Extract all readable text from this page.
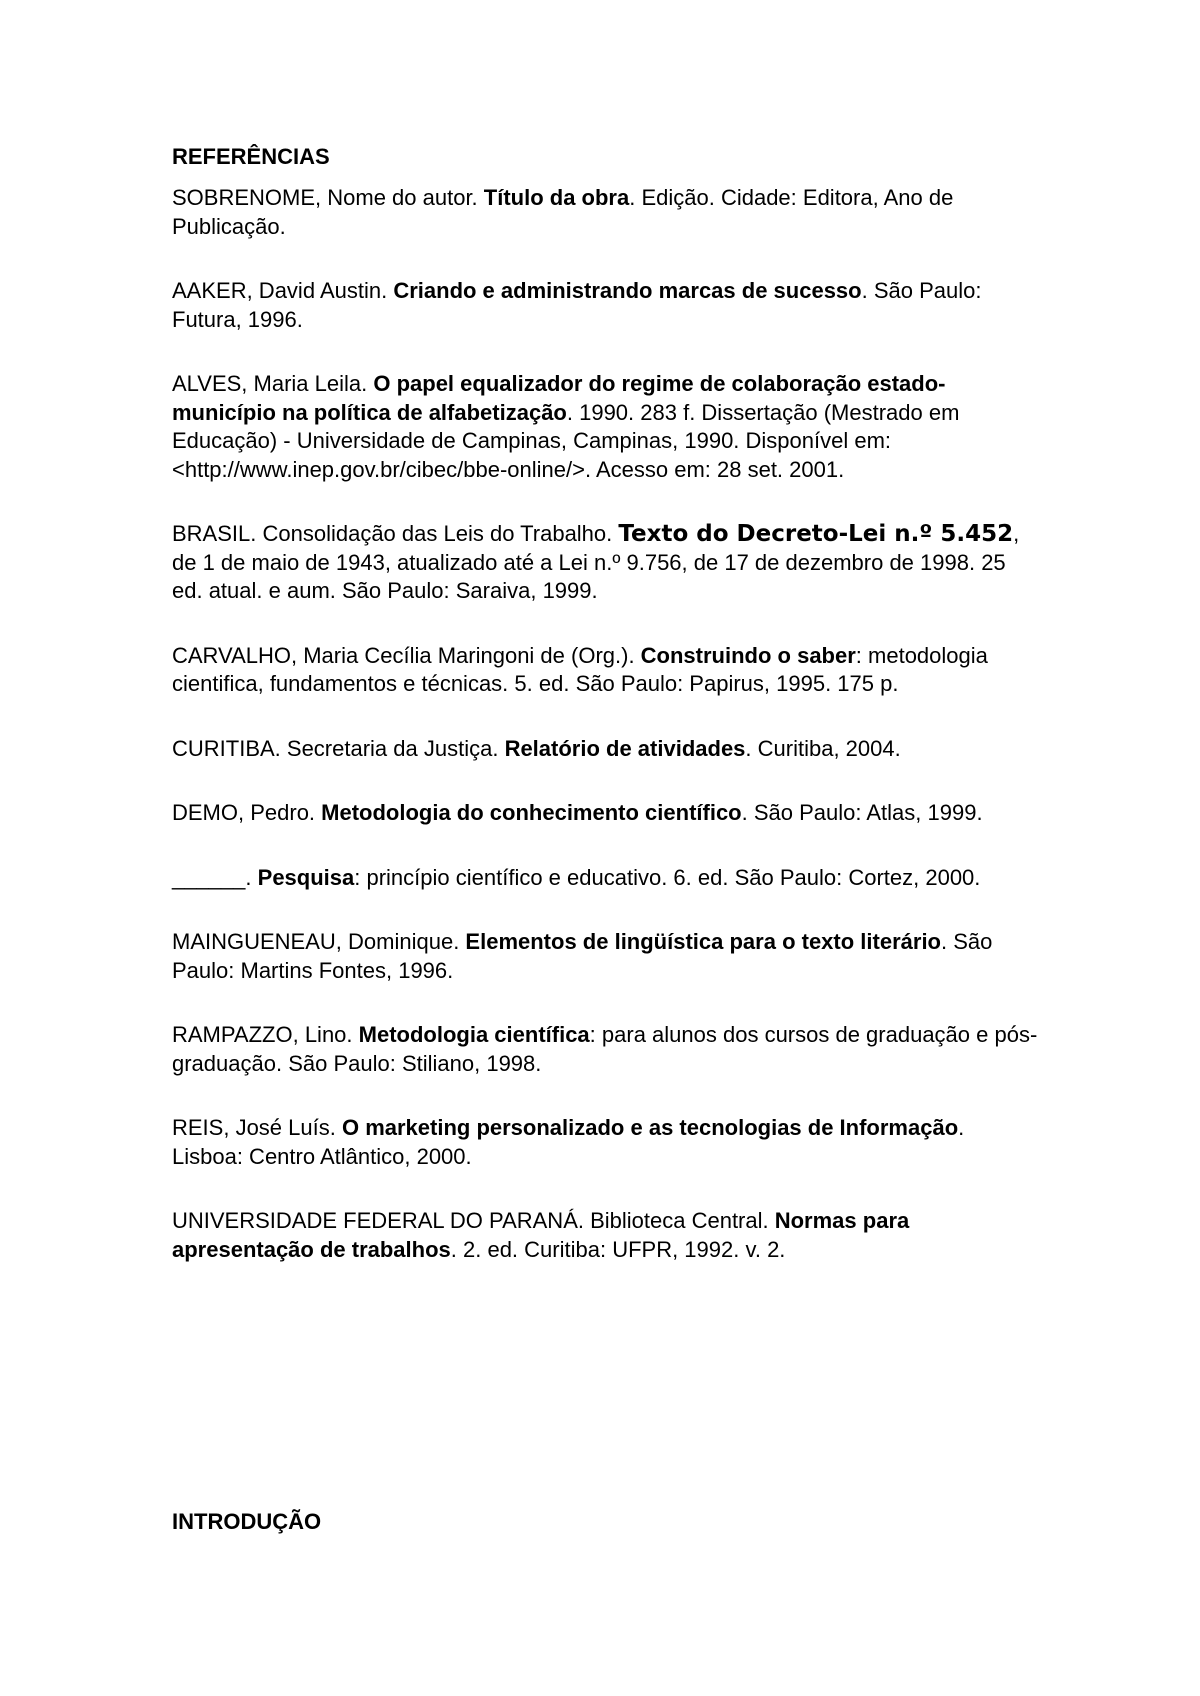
REFERÊNCIAS

SOBRENOME, Nome do autor. Título da obra. Edição. Cidade: Editora, Ano de Publicação.

AAKER, David Austin. Criando e administrando marcas de sucesso. São Paulo: Futura, 1996.

ALVES, Maria Leila. O papel equalizador do regime de colaboração estado-município na política de alfabetização. 1990. 283 f. Dissertação (Mestrado em Educação) - Universidade de Campinas, Campinas, 1990. Disponível em: <http://www.inep.gov.br/cibec/bbe-online/>. Acesso em: 28 set. 2001.

BRASIL. Consolidação das Leis do Trabalho. Texto do Decreto-Lei n.º 5.452, de 1 de maio de 1943, atualizado até a Lei n.º 9.756, de 17 de dezembro de 1998. 25 ed. atual. e aum. São Paulo: Saraiva, 1999.

CARVALHO, Maria Cecília Maringoni de (Org.). Construindo o saber: metodologia cientifica, fundamentos e técnicas. 5. ed. São Paulo: Papirus, 1995. 175 p.

CURITIBA. Secretaria da Justiça. Relatório de atividades. Curitiba, 2004.

DEMO, Pedro. Metodologia do conhecimento científico. São Paulo: Atlas, 1999.

______. Pesquisa: princípio científico e educativo. 6. ed. São Paulo: Cortez, 2000.

MAINGUENEAU, Dominique. Elementos de lingüística para o texto literário. São Paulo: Martins Fontes, 1996.

RAMPAZZO, Lino. Metodologia científica: para alunos dos cursos de graduação e pós-graduação. São Paulo: Stiliano, 1998.

REIS, José Luís. O marketing personalizado e as tecnologias de Informação. Lisboa: Centro Atlântico, 2000.

UNIVERSIDADE FEDERAL DO PARANÁ. Biblioteca Central. Normas para apresentação de trabalhos. 2. ed. Curitiba: UFPR, 1992. v. 2.

INTRODUÇÃO
